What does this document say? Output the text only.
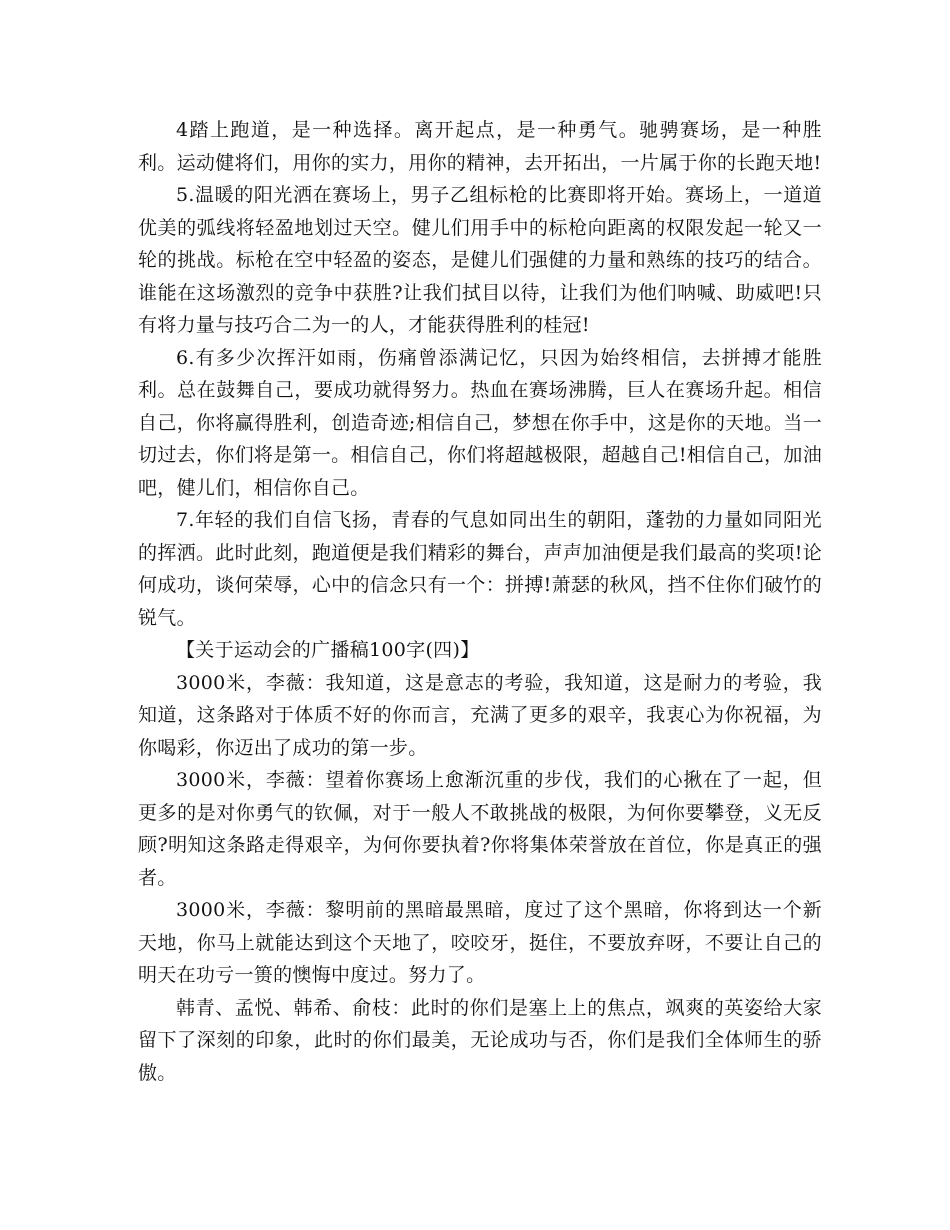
4踏上跑道，是一种选择。离开起点，是一种勇气。驰骋赛场，是一种胜利。运动健将们，用你的实力，用你的精神，去开拓出，一片属于你的长跑天地!

5.温暖的阳光洒在赛场上，男子乙组标枪的比赛即将开始。赛场上，一道道优美的弧线将轻盈地划过天空。健儿们用手中的标枪向距离的权限发起一轮又一轮的挑战。标枪在空中轻盈的姿态，是健儿们强健的力量和熟练的技巧的结合。谁能在这场激烈的竞争中获胜?让我们拭目以待，让我们为他们呐喊、助威吧!只有将力量与技巧合二为一的人，才能获得胜利的桂冠!

6.有多少次挥汗如雨，伤痛曾添满记忆，只因为始终相信，去拼搏才能胜利。总在鼓舞自己，要成功就得努力。热血在赛场沸腾，巨人在赛场升起。相信自己，你将赢得胜利，创造奇迹;相信自己，梦想在你手中，这是你的天地。当一切过去，你们将是第一。相信自己，你们将超越极限，超越自己!相信自己，加油吧，健儿们，相信你自己。

7.年轻的我们自信飞扬，青春的气息如同出生的朝阳，蓬勃的力量如同阳光的挥洒。此时此刻，跑道便是我们精彩的舞台，声声加油便是我们最高的奖项!论何成功，谈何荣辱，心中的信念只有一个：拼搏!萧瑟的秋风，挡不住你们破竹的锐气。

【关于运动会的广播稿100字(四)】

3000米，李薇：我知道，这是意志的考验，我知道，这是耐力的考验，我知道，这条路对于体质不好的你而言，充满了更多的艰辛，我衷心为你祝福，为你喝彩，你迈出了成功的第一步。

3000米，李薇：望着你赛场上愈渐沉重的步伐，我们的心揪在了一起，但更多的是对你勇气的钦佩，对于一般人不敢挑战的极限，为何你要攀登，义无反顾?明知这条路走得艰辛，为何你要执着?你将集体荣誉放在首位，你是真正的强者。

3000米，李薇：黎明前的黑暗最黑暗，度过了这个黑暗，你将到达一个新天地，你马上就能达到这个天地了，咬咬牙，挺住，不要放弃呀，不要让自己的明天在功亏一篑的懊悔中度过。努力了。

韩青、孟悦、韩希、俞枝：此时的你们是塞上上的焦点，飒爽的英姿给大家留下了深刻的印象，此时的你们最美，无论成功与否，你们是我们全体师生的骄傲。
